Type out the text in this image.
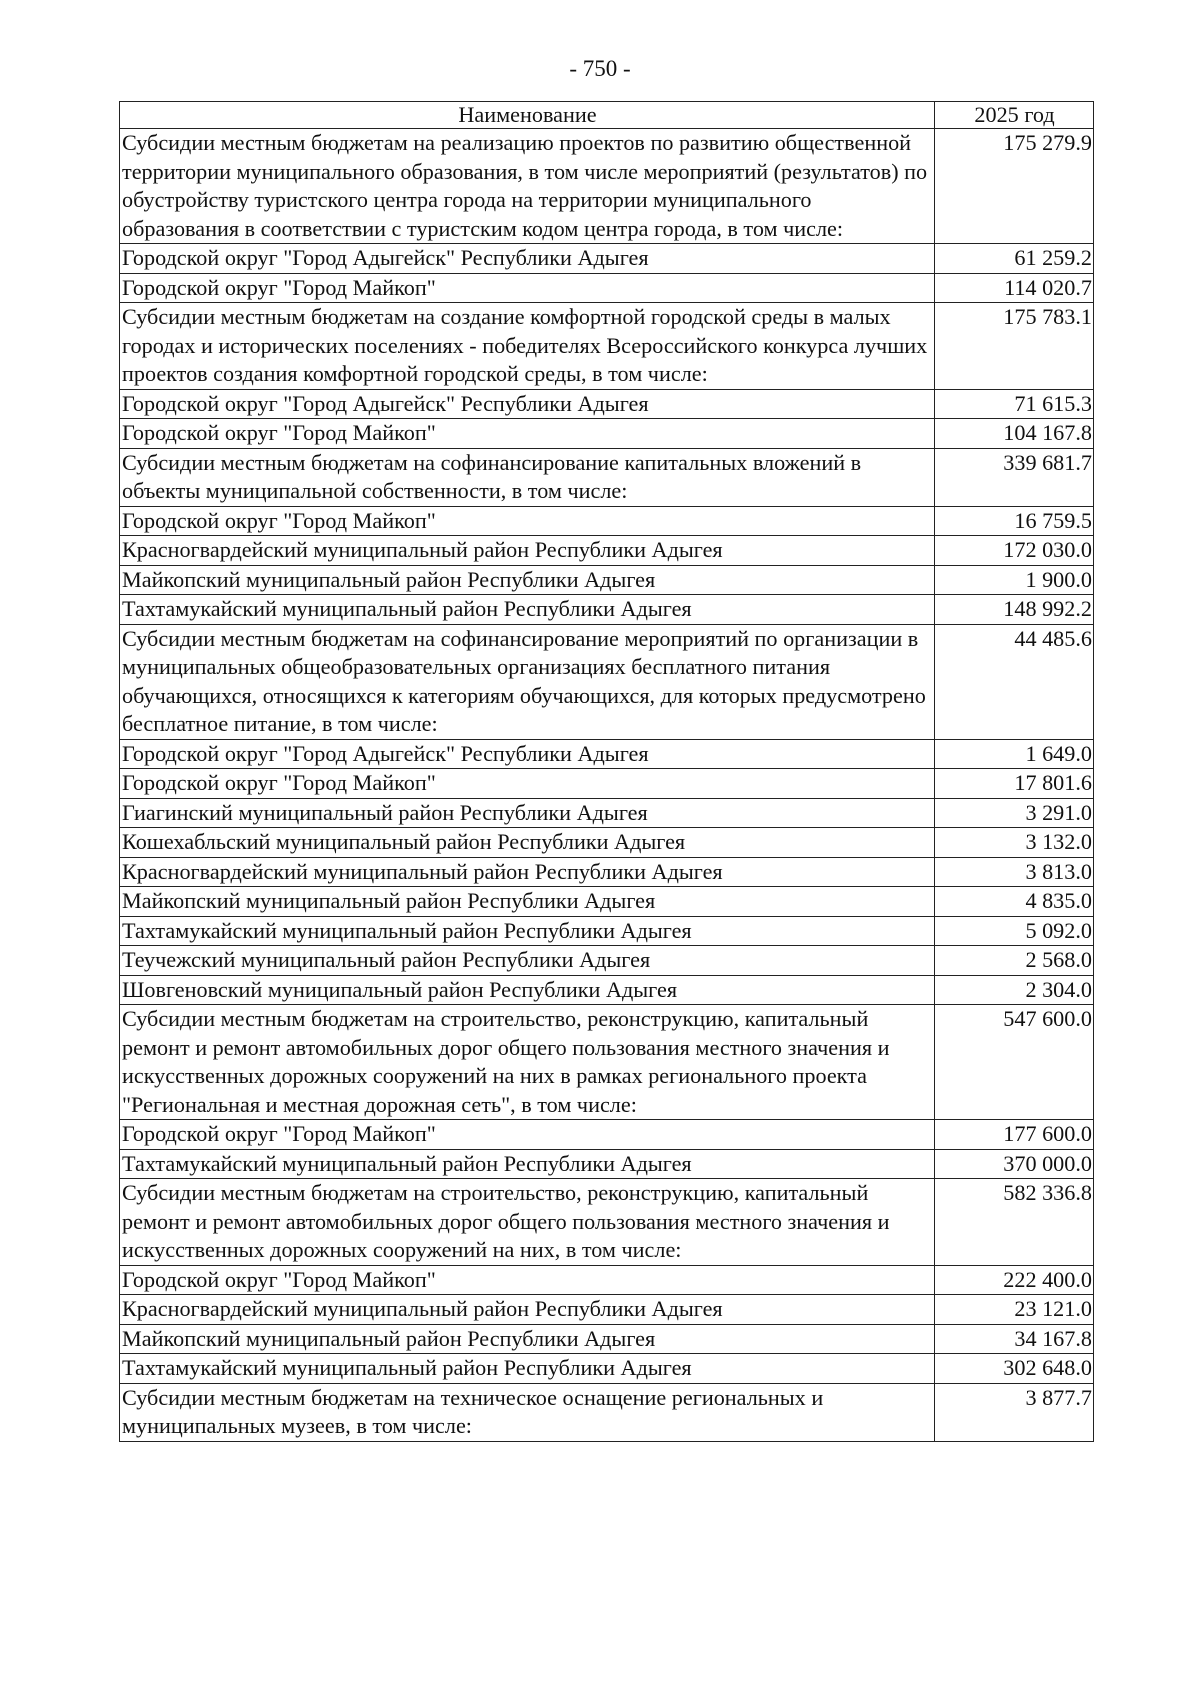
- 750 -
Наименование	2025 год
Субсидии местным бюджетам на реализацию проектов по развитию общественной территории муниципального образования, в том числе мероприятий (результатов) по обустройству туристского центра города на территории муниципального образования в соответствии с туристским кодом центра города, в том числе:	175 279.9
Городской округ "Город Адыгейск" Республики Адыгея	61 259.2
Городской округ "Город Майкоп"	114 020.7
Субсидии местным бюджетам на создание комфортной городской среды в малых городах и исторических поселениях - победителях Всероссийского конкурса лучших проектов создания комфортной городской среды, в том числе:	175 783.1
Городской округ "Город Адыгейск" Республики Адыгея	71 615.3
Городской округ "Город Майкоп"	104 167.8
Субсидии местным бюджетам на софинансирование капитальных вложений в объекты муниципальной собственности, в том числе:	339 681.7
Городской округ "Город Майкоп"	16 759.5
Красногвардейский муниципальный район Республики Адыгея	172 030.0
Майкопский муниципальный район Республики Адыгея	1 900.0
Тахтамукайский муниципальный район Республики Адыгея	148 992.2
Субсидии местным бюджетам на софинансирование мероприятий по организации в муниципальных общеобразовательных организациях бесплатного питания обучающихся, относящихся к категориям обучающихся, для которых предусмотрено бесплатное питание, в том числе:	44 485.6
Городской округ "Город Адыгейск" Республики Адыгея	1 649.0
Городской округ "Город Майкоп"	17 801.6
Гиагинский муниципальный район Республики Адыгея	3 291.0
Кошехабльский муниципальный район Республики Адыгея	3 132.0
Красногвардейский муниципальный район Республики Адыгея	3 813.0
Майкопский муниципальный район Республики Адыгея	4 835.0
Тахтамукайский муниципальный район Республики Адыгея	5 092.0
Теучежский муниципальный район Республики Адыгея	2 568.0
Шовгеновский муниципальный район Республики Адыгея	2 304.0
Субсидии местным бюджетам на строительство, реконструкцию, капитальный ремонт и ремонт автомобильных дорог общего пользования местного значения и искусственных дорожных сооружений на них в рамках регионального проекта "Региональная и местная дорожная сеть", в том числе:	547 600.0
Городской округ "Город Майкоп"	177 600.0
Тахтамукайский муниципальный район Республики Адыгея	370 000.0
Субсидии местным бюджетам на строительство, реконструкцию, капитальный ремонт и ремонт автомобильных дорог общего пользования местного значения и искусственных дорожных сооружений на них, в том числе:	582 336.8
Городской округ "Город Майкоп"	222 400.0
Красногвардейский муниципальный район Республики Адыгея	23 121.0
Майкопский муниципальный район Республики Адыгея	34 167.8
Тахтамукайский муниципальный район Республики Адыгея	302 648.0
Субсидии местным бюджетам на техническое оснащение региональных и муниципальных музеев, в том числе:	3 877.7
